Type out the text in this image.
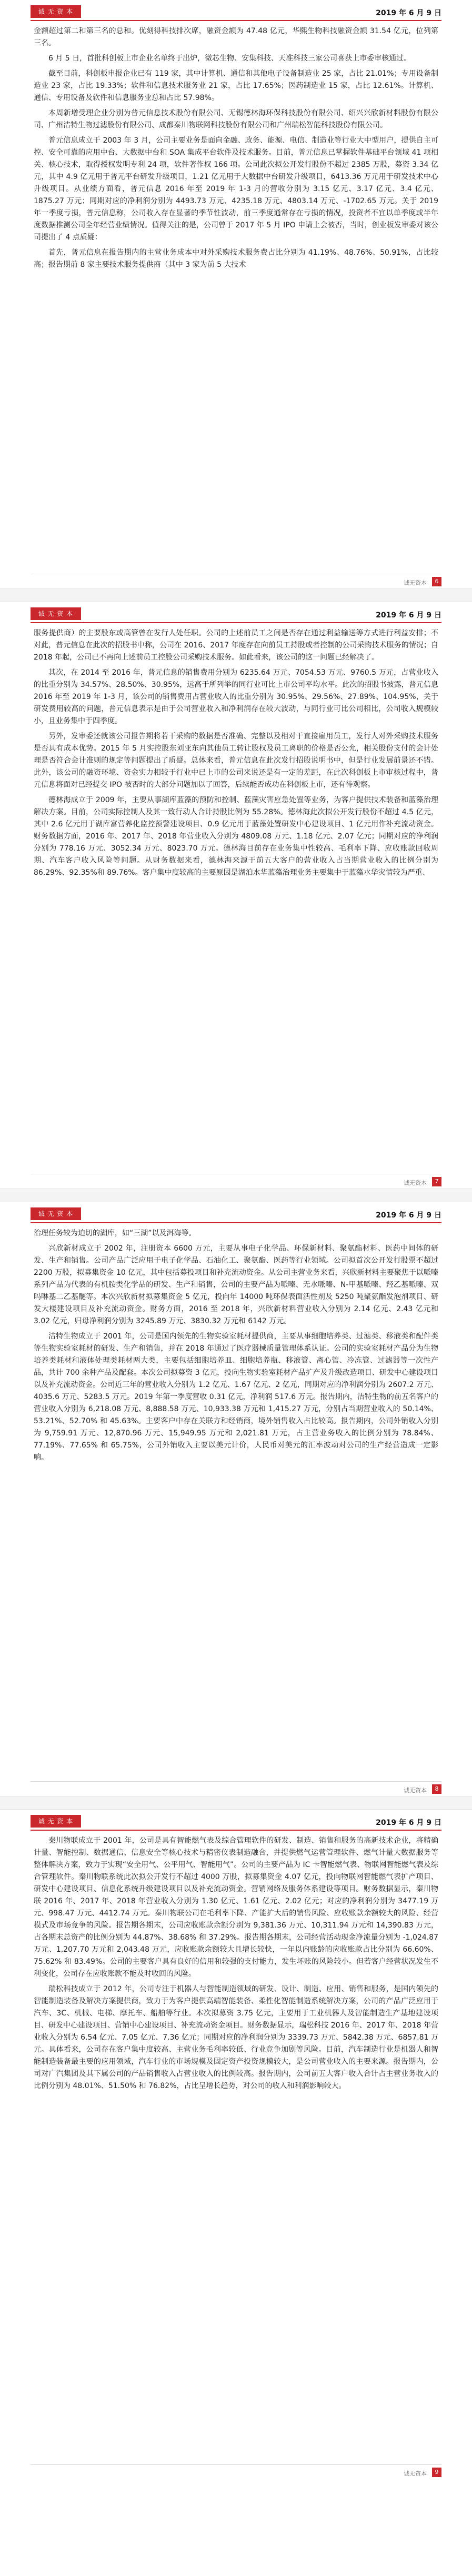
诚 无 资 本	2019 年 6 月 9 日

金额超过第二和第三名的总和。优刻得科技排次席，融资金额为 47.48 亿元，华熙生物科技融资金额 31.54 亿元，位列第三名。

6 月 5 日，首批科创板上市企业名单终于出炉，微芯生物、安集科技、天准科技三家公司喜获上市委审核通过。

截至目前，科创板申报企业已有 119 家，其中计算机、通信和其他电子设备制造业 25 家，占比 21.01%；专用设备制造业 23 家，占比 19.33%；软件和信息技术服务业 21 家，占比 17.65%；医药制造业 15 家，占比 12.61%。计算机、通信、专用设备及软件和信息服务业总和占比 57.98%。

本周新增受理企业分别为普元信息技术股份有限公司、无锡德林海环保科技股份有限公司、绍兴兴欣新材料股份有限公司、广州洁特生物过滤股份有限公司、成都秦川物联网科技股份有限公司和广州瑞松智能科技股份有限公司。

普元信息成立于 2003 年 3 月，公司主要业务是面向金融、政务、能源、电信、制造业等行业大中型用户，提供自主可控、安全可靠的应用中台、大数据中台和 SOA 集成平台软件及技术服务。目前，普元信息已掌握软件基础平台领域 41 项相关、核心技术，取得授权发明专利 24 项，软件著作权 166 项。公司此次拟公开发行股份不超过 2385 万股，募资 3.34 亿元，其中 4.9 亿元用于普元平台研发升级项目，1.21 亿元用于大数据中台研发升级项目，6413.36 万元用于研发技术中心升级项目。从业绩方面看，普元信息 2016 年至 2019 年 1-3 月的营收分别为 3.15 亿元、3.17 亿元、3.4 亿元、1875.27 万元；同期对应的净利润分别为 4493.73 万元、4235.18 万元、4803.14 万元、-1702.65 万元。关于 2019 年一季度亏损，普元信息称，公司收入存在显著的季节性波动，前三季度通常存在亏损的情况，投资者不宜以单季度或半年度数据推测公司全年经营业绩情况。值得关注的是，公司曾于 2017 年 5 月 IPO 申请上会被否，当时，创业板发审委对该公司提出了 4 点质疑：

首先，普元信息在报告期内的主营业务成本中对外采购技术服务费占比分别为 41.19%、48.76%、50.91%，占比较高；报告期前 8 家主要技术服务提供商（其中 3 家为前 5 大技术

诚无资本	6
诚 无 资 本	2019 年 6 月 9 日

服务提供商）的主要股东或高管曾在发行人处任职。公司的上述前员工之间是否存在通过利益输送等方式进行利益安排；不对此，普元信息在此次的招股书中称，公司在 2016、2017 年度存在向前员工持股或者控制的公司采购技术服务的情况；自 2018 年起，公司已不再向上述前员工控股公司采购技术服务。如此看来，该公司的这一问题已经解决了。

其次，在 2014 至 2016 年，普元信息的销售费用分别为 6235.64 万元、7054.53 万元、9760.5 万元，占营业收入的比重分别为 34.57%、28.50%、30.95%，远高于所列举的同行业可比上市公司平均水平。此次的招股书披露，普元信息 2016 年至 2019 年 1-3 月，该公司的销售费用占营业收入的比重分别为 30.95%、29.56%、27.89%、104.95%，关于研发费用较高的问题，普元信息表示是由于公司营业收入和净利润存在较大波动，与同行业可比公司相比，公司收入规模较小，且业务集中于四季度。

另外，发审委还就该公司报告期将若干采购的数据是否准确、完整以及相对于直接雇用员工，发行人对外采购技术服务是否具有成本优势。2015 年 5 月实控股东刘亚东向其他员工转让股权及员工离职的价格是否公允，相关股份支付的会计处理是否符合会计准则的规定等问题提出了质疑。总体来看，普元信息在此次发行招股说明书中，但是行业发展前景还不错。此外，该公司的融资环境、资金实力相较于行业中已上市的公司来说还是有一定的差距，在此次科创板上市审核过程中，普元信息将面对已经提交 IPO 被否时的大部分问题加以了回答，后续能否成功在科创板上市，还有待观察。

德林海成立于 2009 年，主要从事湖库蓝藻的预防和控制、蓝藻灾害应急处置等业务，为客户提供技术装备和蓝藻治理解决方案。目前，公司实际控制人及其一致行动人合计持股比例为 55.28%。德林海此次拟公开发行股份不超过 4.5 亿元，其中 2.6 亿元用于湖库富营养化监控预警建设项目、0.9 亿元用于蓝藻处置研发中心建设项目、1 亿元用作补充流动资金。财务数据方面，2016 年、2017 年、2018 年营业收入分别为 4809.08 万元、1.18 亿元、2.07 亿元；同期对应的净利润分别为 778.16 万元、3052.34 万元、8023.70 万元。德林海目前存在业务集中性较高、毛利率下降、应收账款回收周期、汽车客户收入风险等问题。从财务数据来看，德林海来源于前五大客户的营业收入占当期营业收入的比例分别为 86.29%、92.35%和 89.76%。客户集中度较高的主要原因是湖泊水华蓝藻治理业务主要集中于蓝藻水华灾情较为严重、

诚无资本	7
诚 无 资 本	2019 年 6 月 9 日

治理任务较为迫切的湖库，如“三湖”以及洱海等。

兴欣新材成立于 2002 年，注册资本 6600 万元，主要从事电子化学品、环保新材料、聚氨酯材料、医药中间体的研发、生产和销售。公司产品广泛应用于电子化学品、石油化工、聚氨酯、医药等行业领域。公司拟首次公开发行股票不超过 2200 万股，拟募集资金 10 亿元，其中包括募投项目和补充流动资金。从公司主营业务来看，兴欣新材料主要聚焦于以哌嗪系列产品为代表的有机胺类化学品的研发、生产和销售，公司的主要产品为哌嗪、无水哌嗪、N-甲基哌嗪、羟乙基哌嗪、双吗啉基二乙基醚等。本次兴欣新材拟募集资金 5 亿元，投向年 14000 吨环保表面活性剂及 5250 吨聚氨酯发泡剂项目、研发大楼建设项目及补充流动资金。财务方面，2016 至 2018 年，兴欣新材料营业收入分别为 2.14 亿元、2.43 亿元和 3.02 亿元，归母净利润分别为 3245.89 万元、3830.32 万元和 6142 万元。

洁特生物成立于 2001 年，公司是国内领先的生物实验室耗材提供商，主要从事细胞培养类、过滤类、移液类和配件类等生物实验室耗材的研发、生产和销售，并在 2018 年通过了医疗器械质量管理体系认证。公司的实验室耗材产品分为生物培养类耗材和液体处理类耗材两大类，主要包括细胞培养皿、细胞培养瓶、移液管、离心管、冷冻管、过滤器等一次性产品，共计 700 余种产品及配套。本次公司拟募资 3 亿元，投向生物实验室耗材产品扩产及升级改造项目、研发中心建设项目以及补充流动资金。公司近三年的营业收入分别为 1.2 亿元、1.67 亿元、2 亿元，同期对应的净利润分别为 2607.2 万元、4035.6 万元、5283.5 万元。2019 年第一季度营收 0.31 亿元，净利润 517.6 万元。报告期内，洁特生物的前五名客户的营业收入分别为 6,218.08 万元、8,888.58 万元、10,933.38 万元和 1,415.27 万元，分别占当期营业收入的 50.14%、53.21%、52.70% 和 45.63%。主要客户中存在关联方和经销商，境外销售收入占比较高。报告期内，公司外销收入分别为 9,759.91 万元、12,870.96 万元、15,949.95 万元和 2,021.81 万元，占主营业务收入的比例分别为 78.84%、77.19%、77.65% 和 65.75%，公司外销收入主要以美元计价，人民币对美元的汇率波动对公司的生产经营造成一定影响。

诚无资本	8
诚 无 资 本	2019 年 6 月 9 日

秦川物联成立于 2001 年，公司是具有智能燃气表及综合管理软件的研发、制造、销售和服务的高新技术企业，将精确计量、智能控制、数据通信、信息安全等核心技术与精密仪表制造融合，并提供燃气运营管理软件、燃气计量大数据服务等整体解决方案，致力于实现“安全用气、公平用气、智能用气”。公司的主要产品为 IC 卡智能燃气表、物联网智能燃气表及综合管理软件。秦川物联系统此次拟公开发行不超过 4000 万股，拟募集资金 4.07 亿元，投向物联网智能燃气表扩产项目、研发中心建设项目、信息化系统升级建设项目以及补充流动资金。营销网络及服务体系建设等项目。财务数据显示，秦川物联 2016 年、2017 年、2018 年营业收入分别为 1.30 亿元、1.61 亿元、2.02 亿元；对应的净利润分别为 3477.19 万元、998.47 万元、4412.74 万元。秦川物联公司在毛利率下降、产能扩大后的销售风险、应收账款余额较大的风险、经营模式及市场竞争的风险。报告期各期末，公司应收账款余额分别为 9,381.36 万元、10,311.94 万元和 14,390.83 万元，占各期末总资产的比例分别为 44.87%、38.68% 和 37.29%。报告期各期末，公司经营活动现金净流量分别为 -1,024.87 万元、1,207.70 万元和 2,043.48 万元，应收账款余额较大且增长较快，一年以内账龄的应收账款占比分别为 66.60%、75.62% 和 83.49%。公司的主要客户具有良好的信用和较强的支付能力，发生坏账的风险较小。但若客户经营状况发生不利变化，公司存在应收账款不能及时收回的风险。

瑞松科技成立于 2012 年，公司专注于机器人与智能制造领域的研发、设计、制造、应用、销售和服务，是国内领先的智能制造装备及解决方案提供商，致力于为客户提供高端智能装备、柔性化智能制造系统解决方案，公司的产品广泛应用于汽车、3C、机械、电梯、摩托车、船舶等行业。本次拟募资 3.75 亿元，主要用于工业机器人及智能制造生产基地建设项目、研发中心建设项目、营销中心建设项目、补充流动资金项目。财务数据显示，瑞松科技 2016 年、2017 年、2018 年营业收入分别为 6.54 亿元、7.05 亿元、7.36 亿元；同期对应的净利润分别为 3339.73 万元、5842.38 万元、6857.81 万元。具体看来，公司存在客户集中度较高、主营业务毛利率较低、行业竞争加剧等风险。目前，汽车制造行业是机器人和智能制造装备最主要的应用领域，汽车行业的市场规模及固定资产投资规模较大，是公司营业收入的主要来源。报告期内，公司对广汽集团及其下属公司的产品销售收入占营业收入的比例较高。报告期内，公司前五大客户收入合计占主营业务收入的比例分别为 48.01%、51.50% 和 76.82%，占比呈增长趋势，对公司的收入和利润影响较大。

诚无资本	9
